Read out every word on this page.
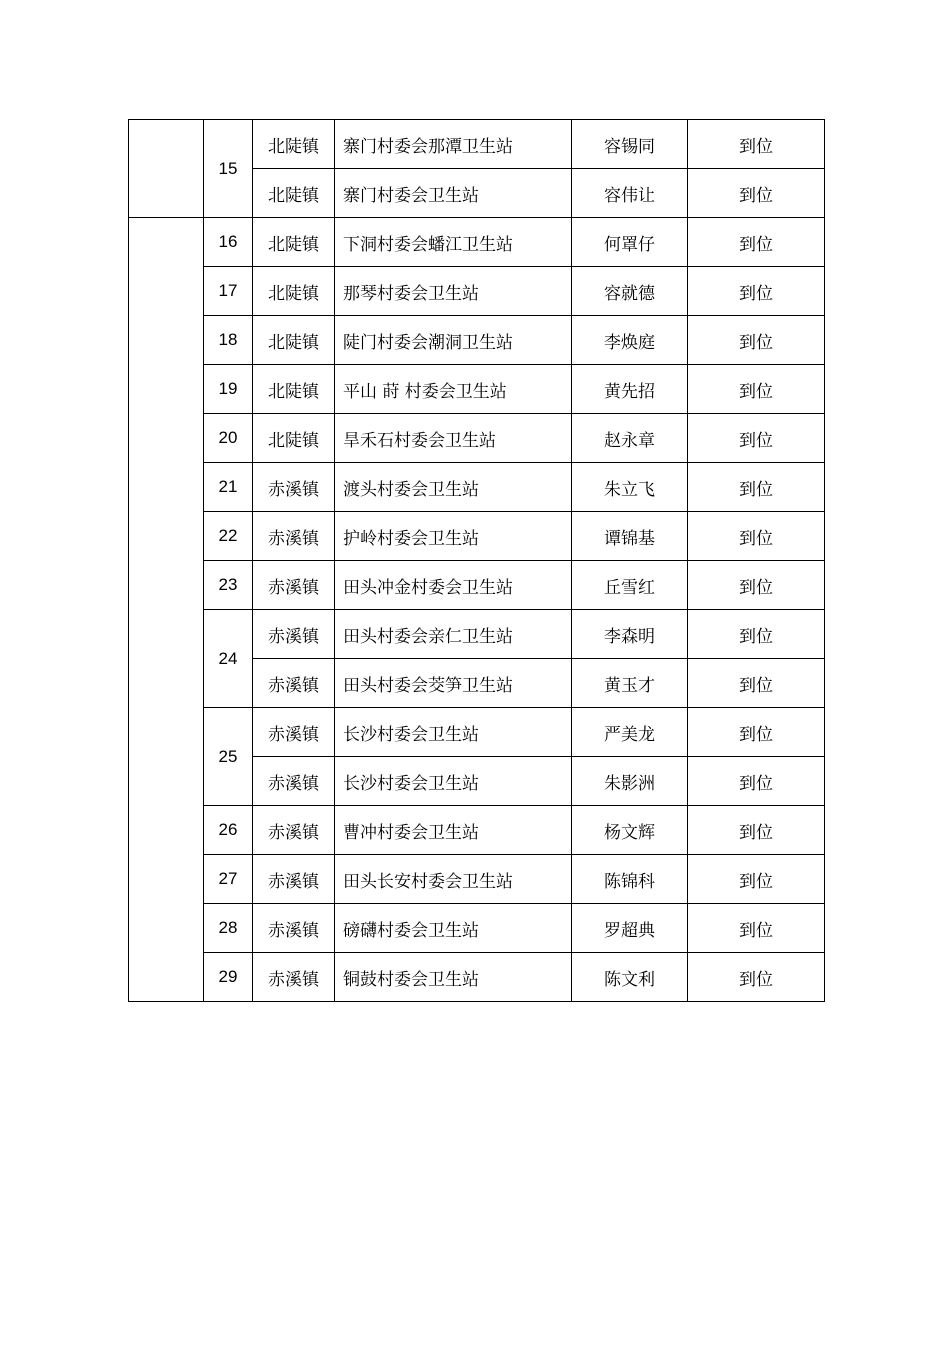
	15	北陡镇	寨门村委会那潭卫生站	容锡同	到位
		北陡镇	寨门村委会卫生站	容伟让	到位
	16	北陡镇	下洞村委会蟠江卫生站	何罩仔	到位
	17	北陡镇	那琴村委会卫生站	容就德	到位
	18	北陡镇	陡门村委会潮洞卫生站	李焕庭	到位
	19	北陡镇	平山 莳 村委会卫生站	黄先招	到位
	20	北陡镇	旱禾石村委会卫生站	赵永章	到位
	21	赤溪镇	渡头村委会卫生站	朱立飞	到位
	22	赤溪镇	护岭村委会卫生站	谭锦基	到位
	23	赤溪镇	田头冲金村委会卫生站	丘雪红	到位
	24	赤溪镇	田头村委会亲仁卫生站	李森明	到位
		赤溪镇	田头村委会茭笋卫生站	黄玉才	到位
	25	赤溪镇	长沙村委会卫生站	严美龙	到位
		赤溪镇	长沙村委会卫生站	朱影洲	到位
	26	赤溪镇	曹冲村委会卫生站	杨文辉	到位
	27	赤溪镇	田头长安村委会卫生站	陈锦科	到位
	28	赤溪镇	磅礴村委会卫生站	罗超典	到位
	29	赤溪镇	铜鼓村委会卫生站	陈文利	到位
